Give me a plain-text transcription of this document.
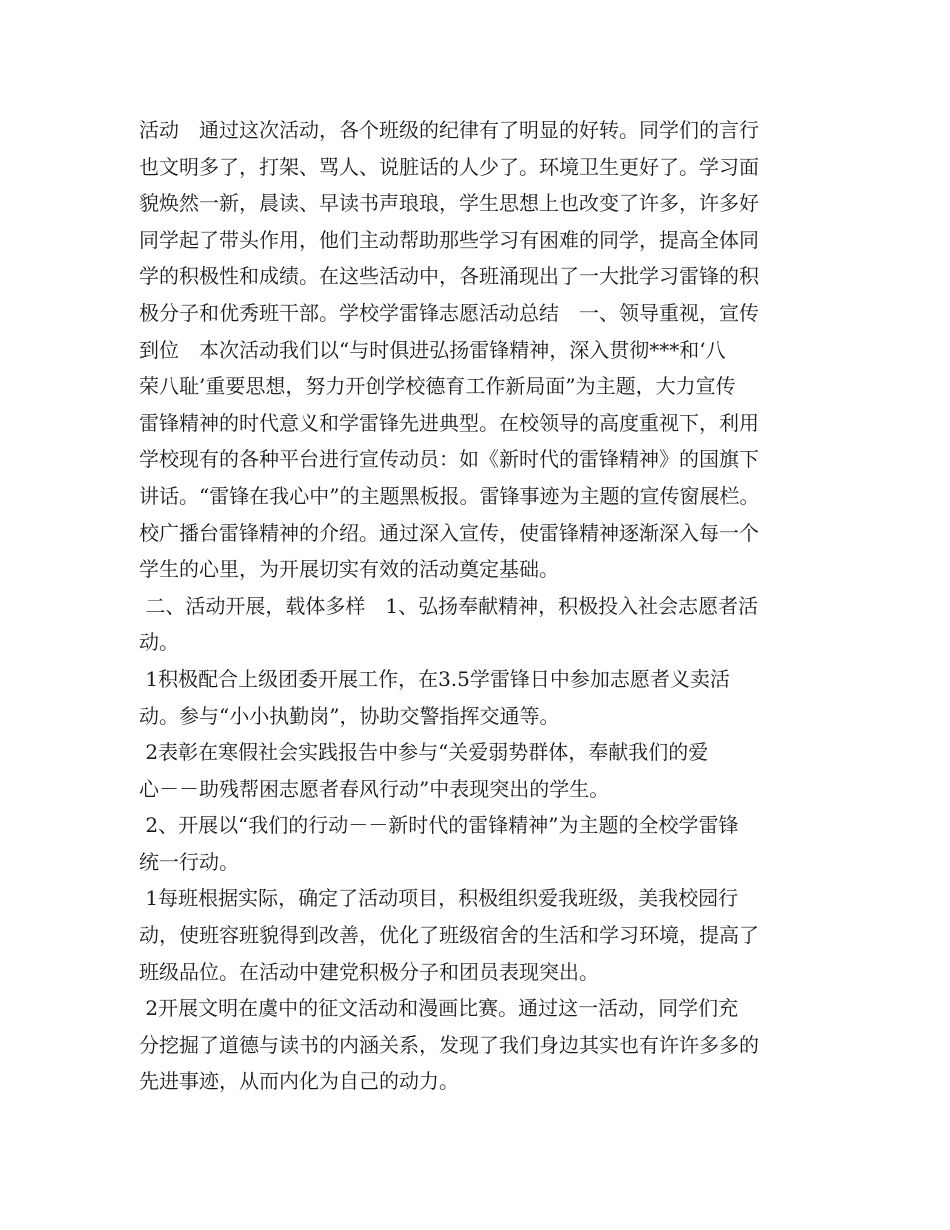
活动　通过这次活动，各个班级的纪律有了明显的好转。同学们的言行
也文明多了，打架、骂人、说脏话的人少了。环境卫生更好了。学习面
貌焕然一新，晨读、早读书声琅琅，学生思想上也改变了许多，许多好
同学起了带头作用，他们主动帮助那些学习有困难的同学，提高全体同
学的积极性和成绩。在这些活动中，各班涌现出了一大批学习雷锋的积
极分子和优秀班干部。学校学雷锋志愿活动总结　一、领导重视，宣传
到位　本次活动我们以“与时俱进弘扬雷锋精神，深入贯彻***和‘八
荣八耻’重要思想，努力开创学校德育工作新局面”为主题，大力宣传
雷锋精神的时代意义和学雷锋先进典型。在校领导的高度重视下，利用
学校现有的各种平台进行宣传动员：如《新时代的雷锋精神》的国旗下
讲话。“雷锋在我心中”的主题黑板报。雷锋事迹为主题的宣传窗展栏。
校广播台雷锋精神的介绍。通过深入宣传，使雷锋精神逐渐深入每一个
学生的心里，为开展切实有效的活动奠定基础。
二、活动开展，载体多样　1、弘扬奉献精神，积极投入社会志愿者活
动。
1积极配合上级团委开展工作，在3.5学雷锋日中参加志愿者义卖活
动。参与“小小执勤岗”，协助交警指挥交通等。
2表彰在寒假社会实践报告中参与“关爱弱势群体，奉献我们的爱
心－－助残帮困志愿者春风行动”中表现突出的学生。
2、开展以“我们的行动－－新时代的雷锋精神”为主题的全校学雷锋
统一行动。
1每班根据实际，确定了活动项目，积极组织爱我班级，美我校园行
动，使班容班貌得到改善，优化了班级宿舍的生活和学习环境，提高了
班级品位。在活动中建党积极分子和团员表现突出。
2开展文明在虞中的征文活动和漫画比赛。通过这一活动，同学们充
分挖掘了道德与读书的内涵关系，发现了我们身边其实也有许许多多的
先进事迹，从而内化为自己的动力。
